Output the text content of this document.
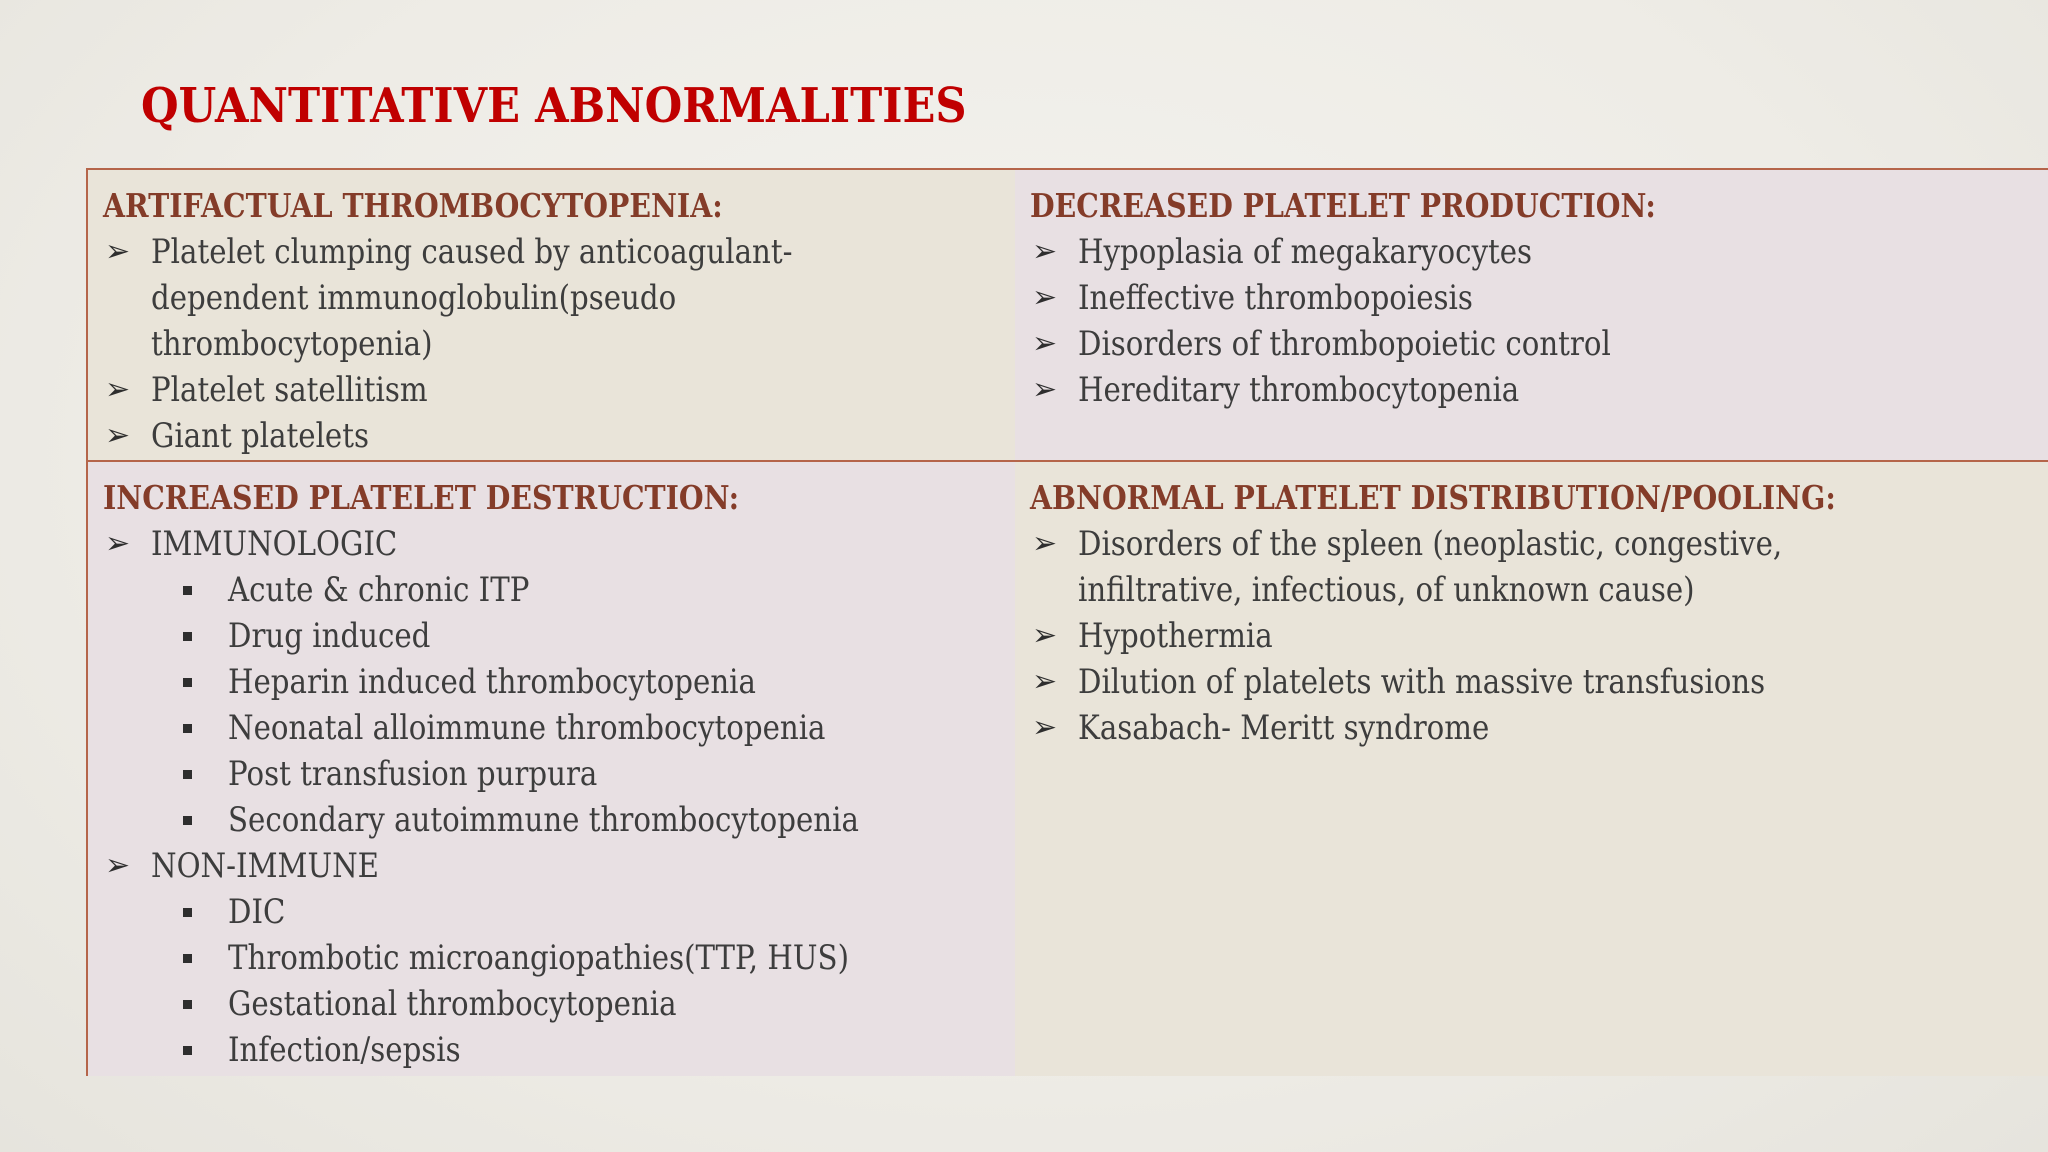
QUANTITATIVE ABNORMALITIES
ARTIFACTUAL THROMBOCYTOPENIA:
➢ Platelet clumping caused by anticoagulant-
dependent immunoglobulin(pseudo
thrombocytopenia)
➢ Platelet satellitism
➢ Giant platelets
DECREASED PLATELET PRODUCTION:
➢ Hypoplasia of megakaryocytes
➢ Ineffective thrombopoiesis
➢ Disorders of thrombopoietic control
➢ Hereditary thrombocytopenia
INCREASED PLATELET DESTRUCTION:
➢ IMMUNOLOGIC
Acute & chronic ITP
Drug induced
Heparin induced thrombocytopenia
Neonatal alloimmune thrombocytopenia
Post transfusion purpura
Secondary autoimmune thrombocytopenia
➢ NON-IMMUNE
DIC
Thrombotic microangiopathies(TTP, HUS)
Gestational thrombocytopenia
Infection/sepsis
ABNORMAL PLATELET DISTRIBUTION/POOLING:
➢ Disorders of the spleen (neoplastic, congestive,
infiltrative, infectious, of unknown cause)
➢ Hypothermia
➢ Dilution of platelets with massive transfusions
➢ Kasabach- Meritt syndrome
